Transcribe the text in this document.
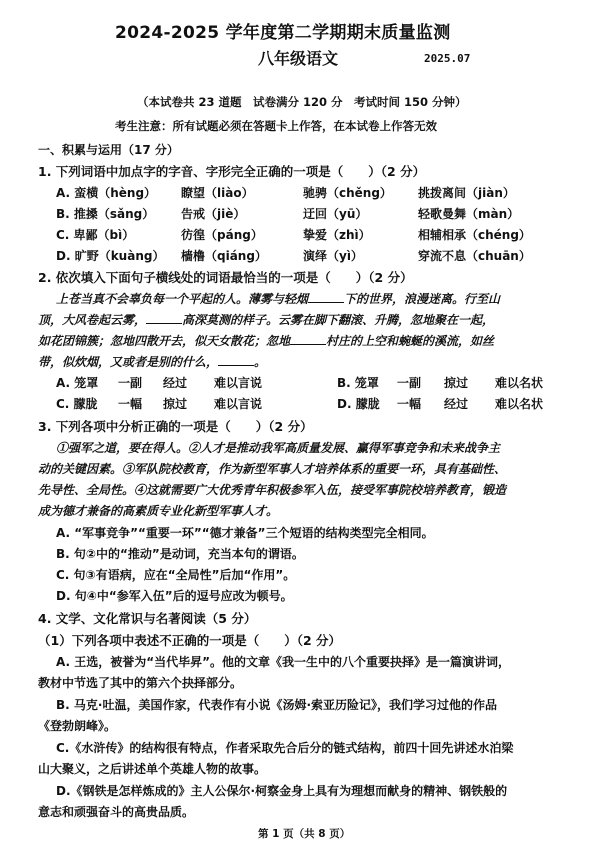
2024-2025 学年度第二学期期末质量监测
八年级语文	2025.07
（本试卷共 23 道题　试卷满分 120 分　考试时间 150 分钟）
考生注意：所有试题必须在答题卡上作答，在本试卷上作答无效
一、积累与运用（17 分）
1. 下列词语中加点字的字音、字形完全正确的一项是（　　）（2 分）
A. 蛮横（hèng） 瞭望（liào）	驰骋（chěng） 挑拨离间（jiàn）
B. 推搡（sǎng） 告戒（jiè）	迂回（yū）	轻歌曼舞（màn）
C. 卑鄙（bì）	彷徨（páng）	挚爱（zhì）	相辅相承（chéng）
D. 旷野（kuàng） 樯橹（qiáng）	演绎（yì）	穿流不息（chuān）
2. 依次填入下面句子横线处的词语最恰当的一项是（　　）（2 分）
上苍当真不会辜负每一个平起的人。薄雾与轻烟	下的世界，浪漫迷离。行至山
顶，大风卷起云雾，	高深莫测的样子。云雾在脚下翻滚、升腾，忽地聚在一起，
如花团锦簇；忽地四散开去，似天女散花；忽地	村庄的上空和蜿蜒的溪流，如丝
带，似炊烟，又或者是别的什么，	。
A. 笼罩 一副 经过 难以言说	B. 笼罩 一副 掠过 难以名状
C. 朦胧 一幅 掠过 难以言说	D. 朦胧 一幅 经过 难以名状
3. 下列各项中分析正确的一项是（　　）（2 分）
①强军之道，要在得人。②人才是推动我军高质量发展、赢得军事竞争和未来战争主
动的关键因素。③军队院校教育，作为新型军事人才培养体系的重要一环，具有基础性、
先导性、全局性。④这就需要广大优秀青年积极参军入伍，接受军事院校培养教育，锻造
成为德才兼备的高素质专业化新型军事人才。
A. “军事竞争”“重要一环”“德才兼备”三个短语的结构类型完全相同。
B. 句②中的“推动”是动词，充当本句的谓语。
C. 句③有语病，应在“全局性”后加“作用”。
D. 句④中“参军入伍”后的逗号应改为顿号。
4. 文学、文化常识与名著阅读（5 分）
（1）下列各项中表述不正确的一项是（　　）（2 分）
A. 王选，被誉为“当代毕昇”。他的文章《我一生中的八个重要抉择》是一篇演讲词，
教材中节选了其中的第六个抉择部分。
B. 马克·吐温，美国作家，代表作有小说《汤姆·索亚历险记》，我们学习过他的作品
《登勃朗峰》。
C.《水浒传》的结构很有特点，作者采取先合后分的链式结构，前四十回先讲述水泊梁
山大聚义，之后讲述单个英雄人物的故事。
D.《钢铁是怎样炼成的》主人公保尔·柯察金身上具有为理想而献身的精神、钢铁般的
意志和顽强奋斗的高贵品质。
第 1 页（共 8 页）
